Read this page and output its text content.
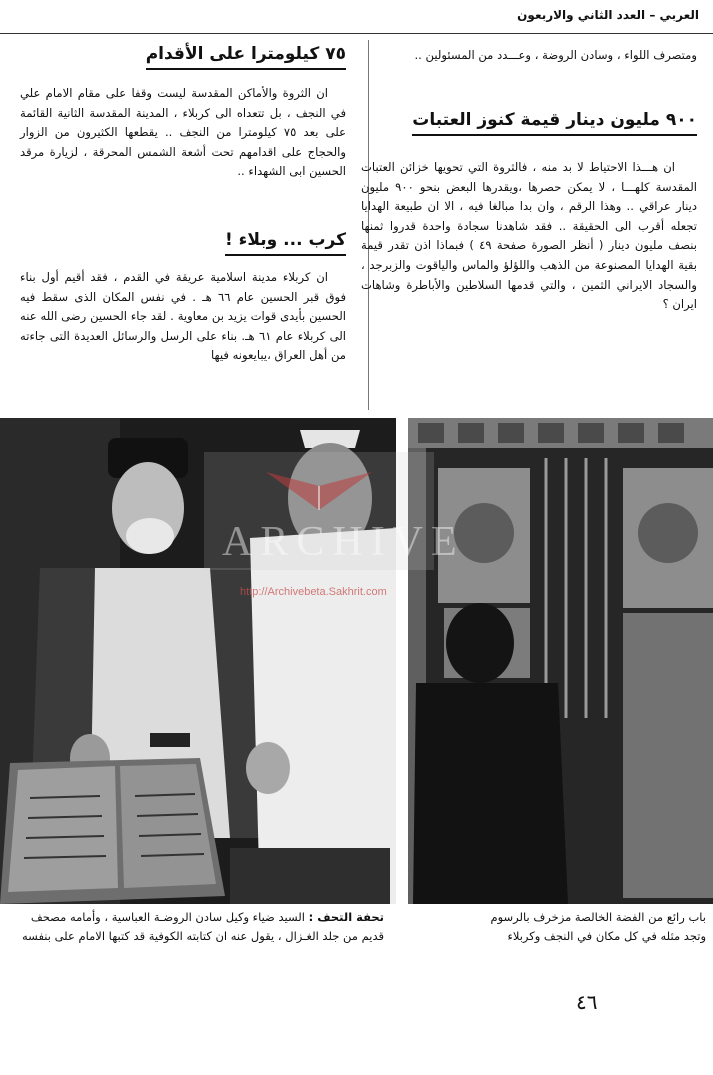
العربي – العدد الثاني والاربعون
ومتصرف اللواء ، وسادن الروضة ، وعـــدد من المسئولين ..
٩٠٠ مليون دينار قيمة كنوز العتبات
ان هـــذا الاحتياط لا بد منه ، فالثروة التي تحويها خزائن العتبات المقدسة كلهـــا ، لا يمكن حصرها ،ويقدرها البعض بنحو ٩٠٠ مليون دينار عراقي .. وهذا الرقم ، وان بدا مبالغا فيه ، الا ان طبيعة الهدايا تجعله أقرب الى الحقيقة .. فقد شاهدنا سجادة واحدة قدروا ثمنها بنصف مليون دينار ( أنظر الصورة صفحة ٤٩ ) فبماذا اذن تقدر قيمة بقية الهدايا المصنوعة من الذهب واللؤلؤ والماس والياقوت والزبرجد ، والسجاد الايراني الثمين ، والتي قدمها السلاطين والأباطرة وشاهات ايران ؟
٧٥ كيلومترا على الأقدام
ان الثروة والأماكن المقدسة ليست وقفا على مقام الامام علي في النجف ، بل تتعداه الى كربلاء ، المدينة المقدسة الثانية القائمة على بعد ٧٥ كيلومترا من النجف .. يقطعها الكثيرون من الزوار والحجاج على اقدامهم تحت أشعة الشمس المحرقة ، لزيارة مرقد الحسين ابى الشهداء ..
كرب ... وبلاء !
ان كربلاء مدينة اسلامية عريقة في القدم ، فقد أقيم أول بناء فوق قبر الحسين عام ٦٦ هـ . في نفس المكان الذى سقط فيه الحسين بأيدى قوات يزيد بن معاوية . لقد جاء الحسين رضى الله عنه الى كربلاء عام ٦١ هـ. بناء على الرسل والرسائل العديدة التى جاءته من أهل العراق ،يبايعونه فيها
ARCHIVE
http://Archivebeta.Sakhrit.com
تحفة التحف : السيد ضياء وكيل سادن الروضـة العباسية ، وأمامه مصحف قديم من جلد الغـزال ، يقول عنه ان كتابته الكوفية قد كتبها الامام على بنفسه
باب رائع من الفضة الخالصة مزخرف بالرسوم وتجد مثله في كل مكان في النجف وكربلاء
٤٦
